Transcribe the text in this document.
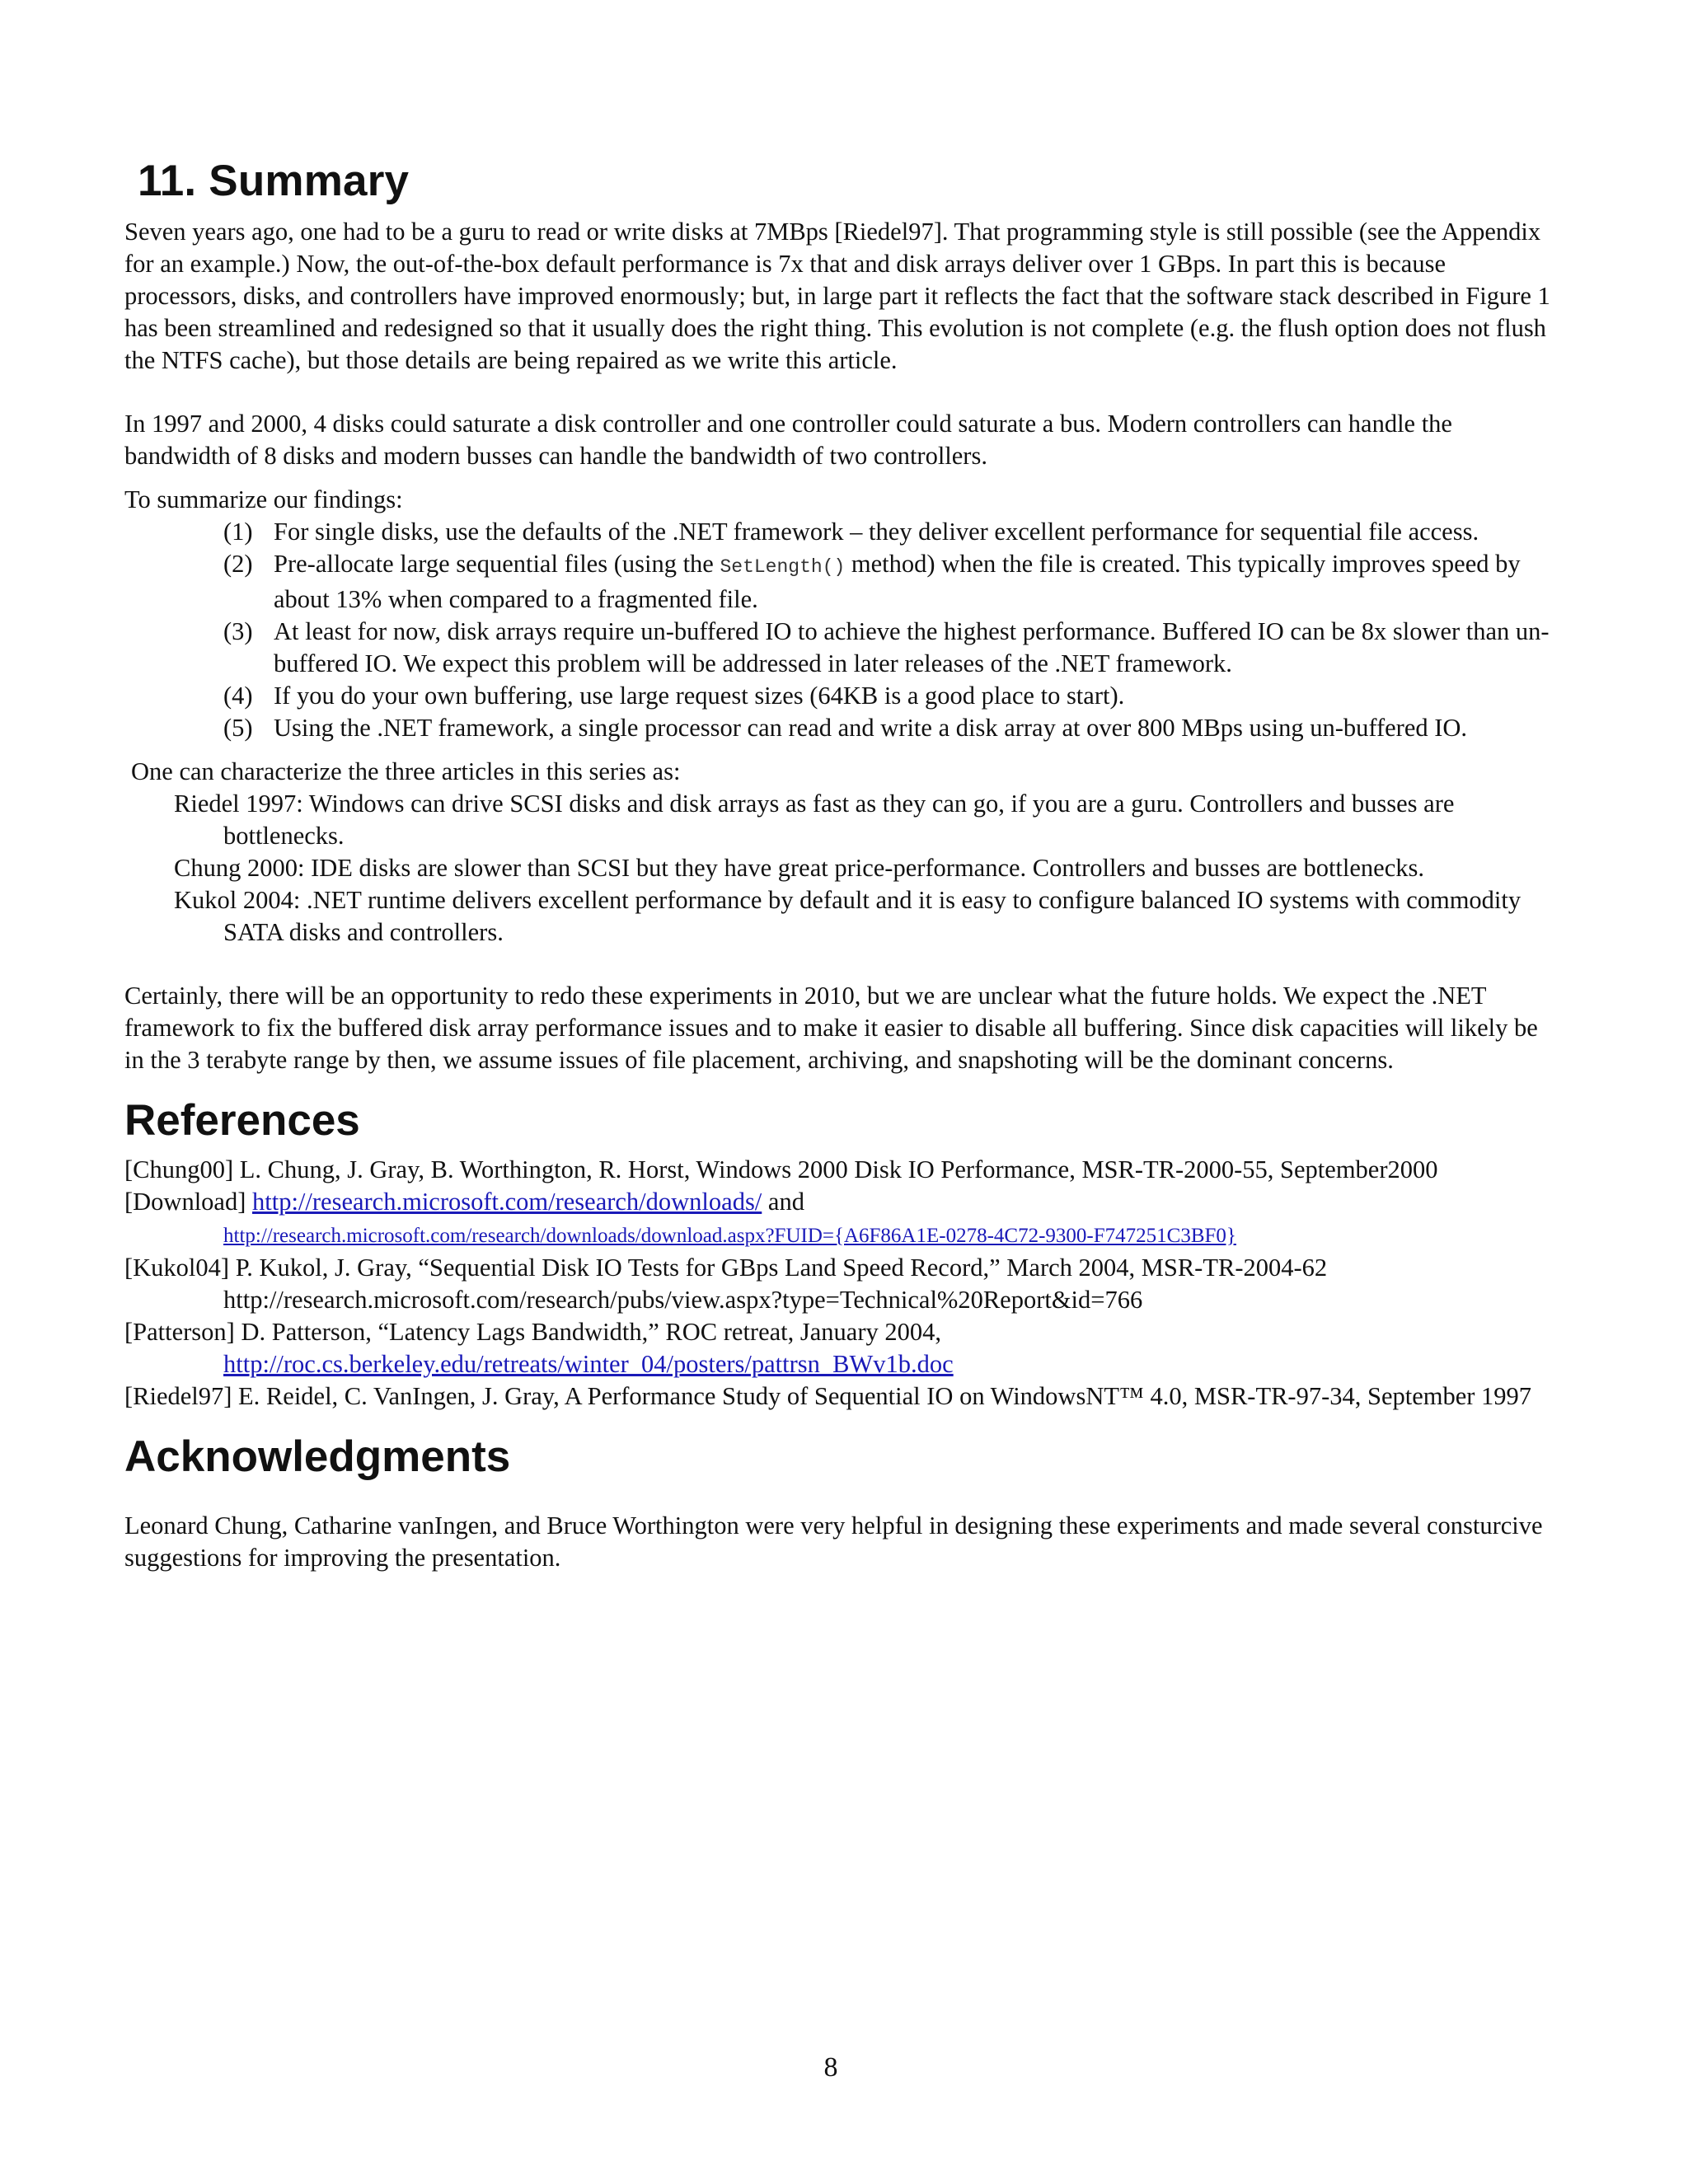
11. Summary

Seven years ago, one had to be a guru to read or write disks at 7MBps [Riedel97]. That programming style is still possible (see the Appendix for an example.) Now, the out-of-the-box default performance is 7x that and disk arrays deliver over 1 GBps. In part this is because processors, disks, and controllers have improved enormously; but, in large part it reflects the fact that the software stack described in Figure 1 has been streamlined and redesigned so that it usually does the right thing. This evolution is not complete (e.g. the flush option does not flush the NTFS cache), but those details are being repaired as we write this article.

In 1997 and 2000, 4 disks could saturate a disk controller and one controller could saturate a bus. Modern controllers can handle the bandwidth of 8 disks and modern busses can handle the bandwidth of two controllers.

To summarize our findings:

(1) For single disks, use the defaults of the .NET framework – they deliver excellent performance for sequential file access.
(2) Pre-allocate large sequential files (using the SetLength() method) when the file is created. This typically improves speed by about 13% when compared to a fragmented file.
(3) At least for now, disk arrays require un-buffered IO to achieve the highest performance. Buffered IO can be 8x slower than un-buffered IO. We expect this problem will be addressed in later releases of the .NET framework.
(4) If you do your own buffering, use large request sizes (64KB is a good place to start).
(5) Using the .NET framework, a single processor can read and write a disk array at over 800 MBps using un-buffered IO.

One can characterize the three articles in this series as:

Riedel 1997: Windows can drive SCSI disks and disk arrays as fast as they can go, if you are a guru. Controllers and busses are bottlenecks.
Chung 2000: IDE disks are slower than SCSI but they have great price-performance. Controllers and busses are bottlenecks.
Kukol 2004: .NET runtime delivers excellent performance by default and it is easy to configure balanced IO systems with commodity SATA disks and controllers.

Certainly, there will be an opportunity to redo these experiments in 2010, but we are unclear what the future holds. We expect the .NET framework to fix the buffered disk array performance issues and to make it easier to disable all buffering. Since disk capacities will likely be in the 3 terabyte range by then, we assume issues of file placement, archiving, and snapshoting will be the dominant concerns.

References

[Chung00] L. Chung, J. Gray, B. Worthington, R. Horst, Windows 2000 Disk IO Performance, MSR-TR-2000-55, September2000

[Download] http://research.microsoft.com/research/downloads/ and
http://research.microsoft.com/research/downloads/download.aspx?FUID={A6F86A1E-0278-4C72-9300-F747251C3BF0}

[Kukol04] P. Kukol, J. Gray, “Sequential Disk IO Tests for GBps Land Speed Record,” March 2004, MSR-TR-2004-62
http://research.microsoft.com/research/pubs/view.aspx?type=Technical%20Report&id=766

[Patterson] D. Patterson, “Latency Lags Bandwidth,” ROC retreat, January 2004,
http://roc.cs.berkeley.edu/retreats/winter_04/posters/pattrsn_BWv1b.doc

[Riedel97] E. Reidel, C. VanIngen, J. Gray, A Performance Study of Sequential IO on WindowsNT™ 4.0, MSR-TR-97-34, September 1997

Acknowledgments

Leonard Chung, Catharine vanIngen, and Bruce Worthington were very helpful in designing these experiments and made several consturcive suggestions for improving the presentation.

8
